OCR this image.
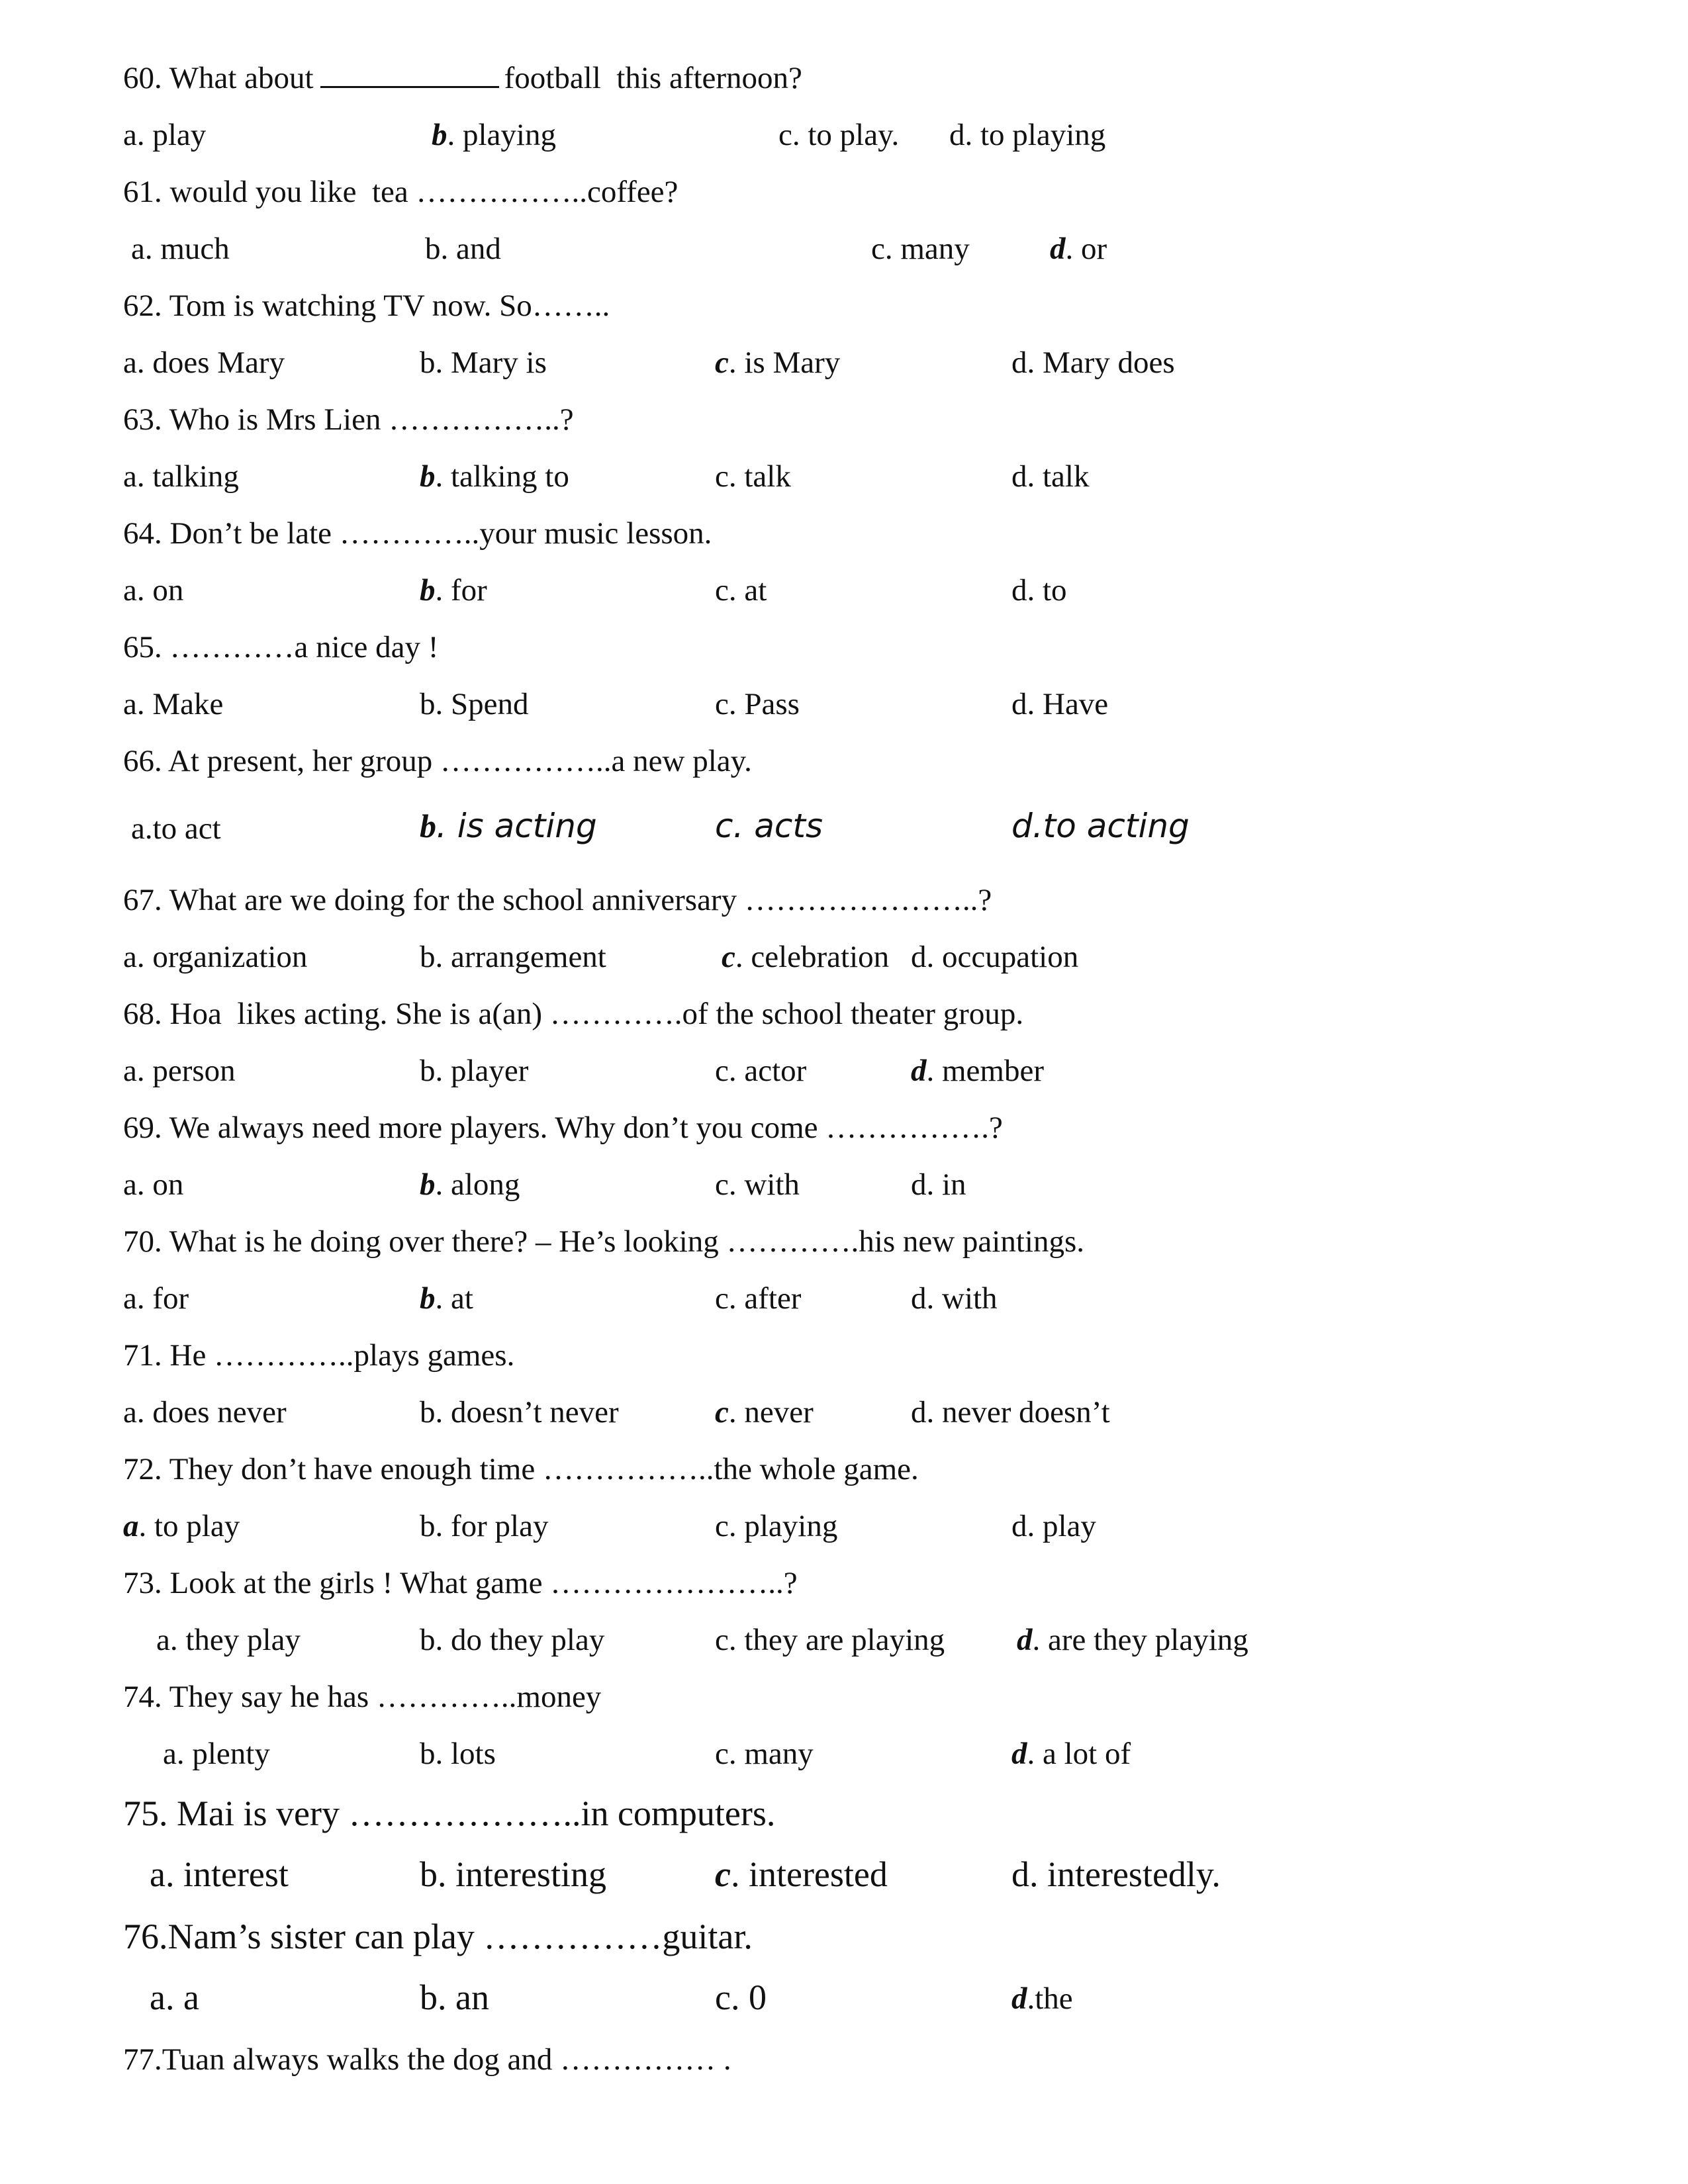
60. What about	football  this afternoon?
a. play	b. playing	c. to play. d. to playing
61. would you like  tea ……………..coffee?
a. much	b. and	c. many	d. or
62. Tom is watching TV now. So……..
a. does Mary	b. Mary is	c. is Mary	d. Mary does
63. Who is Mrs Lien ……………..?
a. talking	b. talking to	c. talk	d. talk
64. Don’t be late …………..your music lesson.
a. on	b. for	c. at	d. to
65. …………a nice day !
a. Make	b. Spend	c. Pass	d. Have
66. At present, her group ……………..a new play.
a.to act	b. is acting	c. acts	d.to acting
67. What are we doing for the school anniversary …………………..?
a. organization	b. arrangement	c. celebration d. occupation
68. Hoa  likes acting. She is a(an) ………….of the school theater group.
a. person	b. player	c. actor	d. member
69. We always need more players. Why don’t you come …………….?
a. on	b. along	c. with	d. in
70. What is he doing over there? – He’s looking ………….his new paintings.
a. for	b. at	c. after	d. with
71. He …………..plays games.
a. does never	b. doesn’t never	c. never	d. never doesn’t
72. They don’t have enough time ……………..the whole game.
a. to play	b. for play	c. playing	d. play
73. Look at the girls ! What game …………………..?
a. they play	b. do they play	c. they are playing d. are they playing
74. They say he has …………..money
a. plenty	b. lots	c. many	d. a lot of
75. Mai is very ………………..in computers.
a. interest	b. interesting	c. interested	d. interestedly.
76.Nam’s sister can play ……………guitar.
a. a	b. an	c. 0	d.the
77.Tuan always walks the dog and …………… .
